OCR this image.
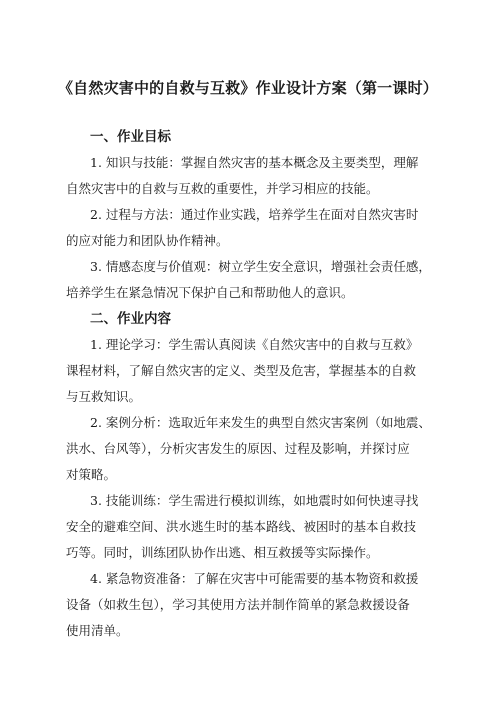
《自然灾害中的自救与互救》作业设计方案（第一课时）
一、作业目标

1. 知识与技能：掌握自然灾害的基本概念及主要类型，理解
自然灾害中的自救与互救的重要性，并学习相应的技能。

2. 过程与方法：通过作业实践，培养学生在面对自然灾害时
的应对能力和团队协作精神。

3. 情感态度与价值观：树立学生安全意识，增强社会责任感，
培养学生在紧急情况下保护自己和帮助他人的意识。

二、作业内容

1. 理论学习：学生需认真阅读《自然灾害中的自救与互救》
课程材料，了解自然灾害的定义、类型及危害，掌握基本的自救
与互救知识。

2. 案例分析：选取近年来发生的典型自然灾害案例（如地震、
洪水、台风等），分析灾害发生的原因、过程及影响，并探讨应
对策略。

3. 技能训练：学生需进行模拟训练，如地震时如何快速寻找
安全的避难空间、洪水逃生时的基本路线、被困时的基本自救技
巧等。同时，训练团队协作出逃、相互救援等实际操作。

4. 紧急物资准备：了解在灾害中可能需要的基本物资和救援
设备（如救生包），学习其使用方法并制作简单的紧急救援设备
使用清单。
